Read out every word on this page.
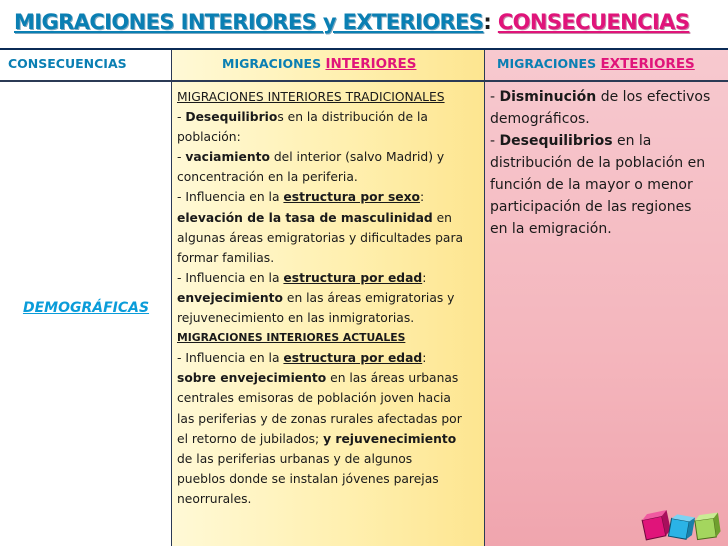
MIGRACIONES INTERIORES y EXTERIORES: CONSECUENCIAS
CONSECUENCIAS	MIGRACIONES INTERIORES	MIGRACIONES EXTERIORES
DEMOGRÁFICAS
MIGRACIONES INTERIORES TRADICIONALES
- Desequilibrios en la distribución de la
población:
- vaciamiento del interior (salvo Madrid) y
concentración en la periferia.
- Influencia en la estructura por sexo:
elevación de la tasa de masculinidad en
algunas áreas emigratorias y dificultades para
formar familias.
- Influencia en la estructura por edad:
envejecimiento en las áreas emigratorias y
rejuvenecimiento en las inmigratorias.
MIGRACIONES INTERIORES ACTUALES
- Influencia en la estructura por edad:
sobre envejecimiento en las áreas urbanas
centrales emisoras de población joven hacia
las periferias y de zonas rurales afectadas por
el retorno de jubilados; y rejuvenecimiento
de las periferias urbanas y de algunos
pueblos donde se instalan jóvenes parejas
neorrurales.
- Disminución de los efectivos
demográficos.
- Desequilibrios en la
distribución de la población en
función de la mayor o menor
participación de las regiones
en la emigración.
